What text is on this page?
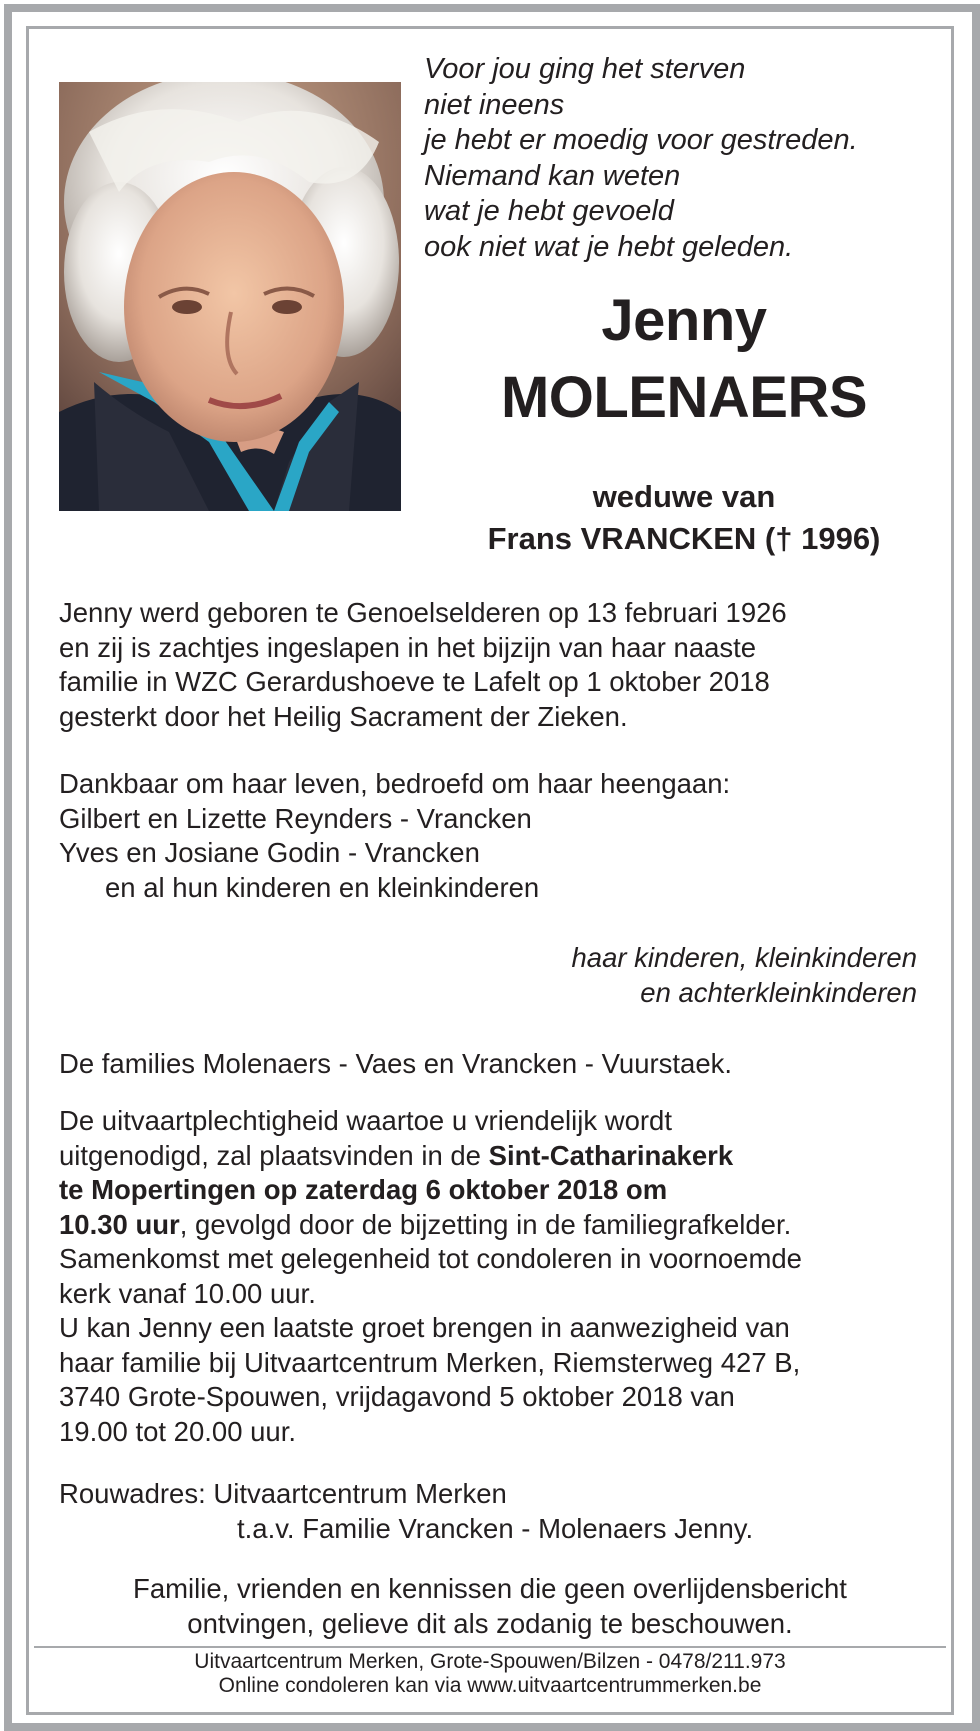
Voor jou ging het sterven
niet ineens
je hebt er moedig voor gestreden.
Niemand kan weten
wat je hebt gevoeld
ook niet wat je hebt geleden.
Jenny
MOLENAERS
weduwe van
Frans VRANCKEN († 1996)
Jenny werd geboren te Genoelselderen op 13 februari 1926
en zij is zachtjes ingeslapen in het bijzijn van haar naaste
familie in WZC Gerardushoeve te Lafelt op 1 oktober 2018
gesterkt door het Heilig Sacrament der Zieken.
Dankbaar om haar leven, bedroefd om haar heengaan:
Gilbert en Lizette Reynders - Vrancken
Yves en Josiane Godin - Vrancken
en al hun kinderen en kleinkinderen
haar kinderen, kleinkinderen
en achterkleinkinderen
De families Molenaers - Vaes en Vrancken - Vuurstaek.
De uitvaartplechtigheid waartoe u vriendelijk wordt
uitgenodigd, zal plaatsvinden in de Sint-Catharinakerk
te Mopertingen op zaterdag 6 oktober 2018 om
10.30 uur, gevolgd door de bijzetting in de familiegrafkelder.
Samenkomst met gelegenheid tot condoleren in voornoemde
kerk vanaf 10.00 uur.
U kan Jenny een laatste groet brengen in aanwezigheid van
haar familie bij Uitvaartcentrum Merken, Riemsterweg 427 B,
3740 Grote-Spouwen, vrijdagavond 5 oktober 2018 van
19.00 tot 20.00 uur.
Rouwadres: Uitvaartcentrum Merken
t.a.v. Familie Vrancken - Molenaers Jenny.
Familie, vrienden en kennissen die geen overlijdensbericht
ontvingen, gelieve dit als zodanig te beschouwen.
Uitvaartcentrum Merken, Grote-Spouwen/Bilzen - 0478/211.973
Online condoleren kan via www.uitvaartcentrummerken.be
